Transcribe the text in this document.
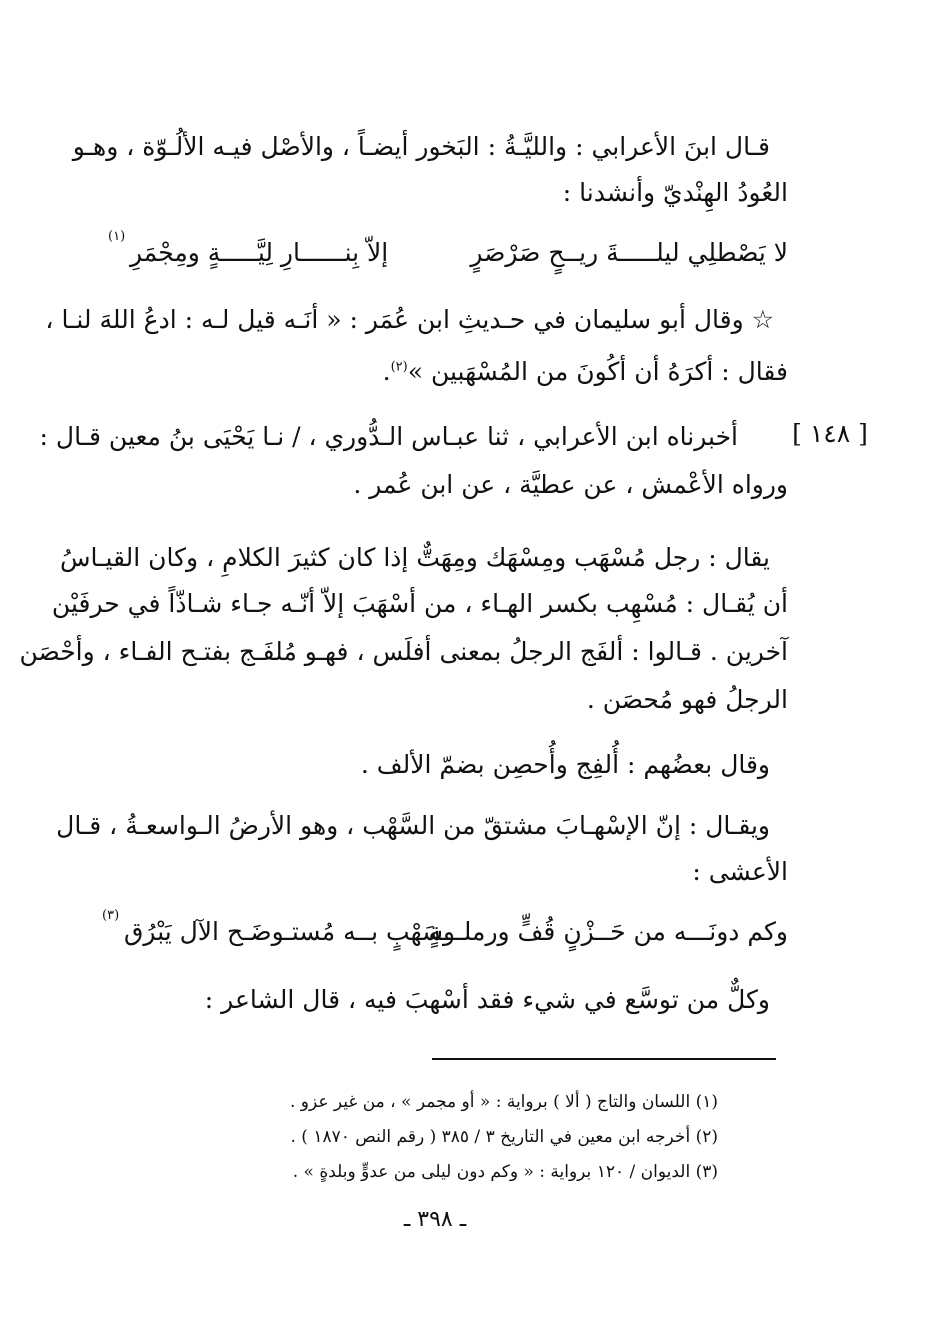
قـال ابنَ الأعرابي : والليَّـةُ : البَخور أيضـاً ، والأصْل فيـه الألُـوّة ، وهـو
العُودُ الهِنْديّ وأنشدنا :
لا يَصْطلِي ليلـــــةَ ريــحٍ صَرْصَرٍ
إلاّ بِنــــــارِ لِيَّـــــةٍ ومِجْمَرِ
(١)
☆ وقال أبو سليمان في حـديثِ ابن عُمَر : « أنَـه قيل لـه : ادعُ اللهَ لنـا ،
فقال : أكرَهُ أن أكُونَ من المُسْهَبين »$^{(٢)}$.
[ ١٤٨ ]
أخبرناه ابن الأعرابي ، ثنا عبـاس الـدُّوري ، / نـا يَحْيَى بنُ معين قـال :
ورواه الأعْمش ، عن عطيَّة ، عن ابن عُمر .
يقال : رجل مُسْهَب ومِسْهَك ومِهَتٌّ إذا كان كثيرَ الكلامِ ، وكان القيـاسُ
أن يُقـال : مُسْهِب بكسر الهـاء ، من أسْهَبَ إلاّ أنّـه جـاء شـاذّاً في حرفَيْن
آخرين . قـالوا : ألفَج الرجلُ بمعنى أفلَس ، فهـو مُلفَـج بفتـح الفـاء ، وأحْصَن
الرجلُ فهو مُحصَن .
وقال بعضُهم : أُلفِج وأُحصِن بضمّ الألف .
ويقـال : إنّ الإسْهـابَ مشتقّ من السَّهْب ، وهو الأرضُ الـواسعـةُ ، قـال
الأعشى :
وكم دونَـــه من حَــزْنٍ قُفٍّ ورملـــةٍ
وسَهْبٍ بــه مُستـوضَـح الآل يَبْرُق
(٣)
وكلٌّ من توسَّع في شيء فقد أسْهبَ فيه ، قال الشاعر :
(١) اللسان والتاج ( ألا ) برواية : « أو مجمر » ، من غير عزو .
(٢) أخرجه ابن معين في التاريخ ٣ / ٣٨٥ ( رقم النص ١٨٧٠ ) .
(٣) الديوان / ١٢٠ برواية : « وكم دون ليلى من عدوٍّ وبلدةٍ » .
ـ ٣٩٨ ـ
